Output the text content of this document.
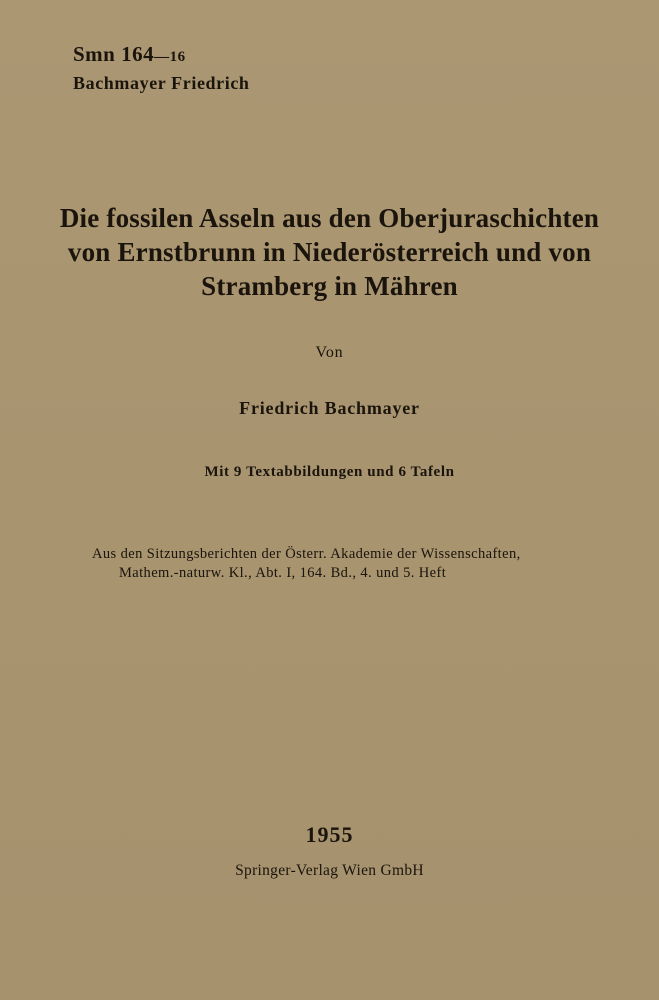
Smn 164—16
Bachmayer Friedrich
Die fossilen Asseln aus den Oberjuraschichten
von Ernstbrunn in Niederösterreich und von
Stramberg in Mähren
Von
Friedrich Bachmayer
Mit 9 Textabbildungen und 6 Tafeln
Aus den Sitzungsberichten der Österr. Akademie der Wissenschaften,
Mathem.-naturw. Kl., Abt. I, 164. Bd., 4. und 5. Heft
1955
Springer-Verlag Wien GmbH
